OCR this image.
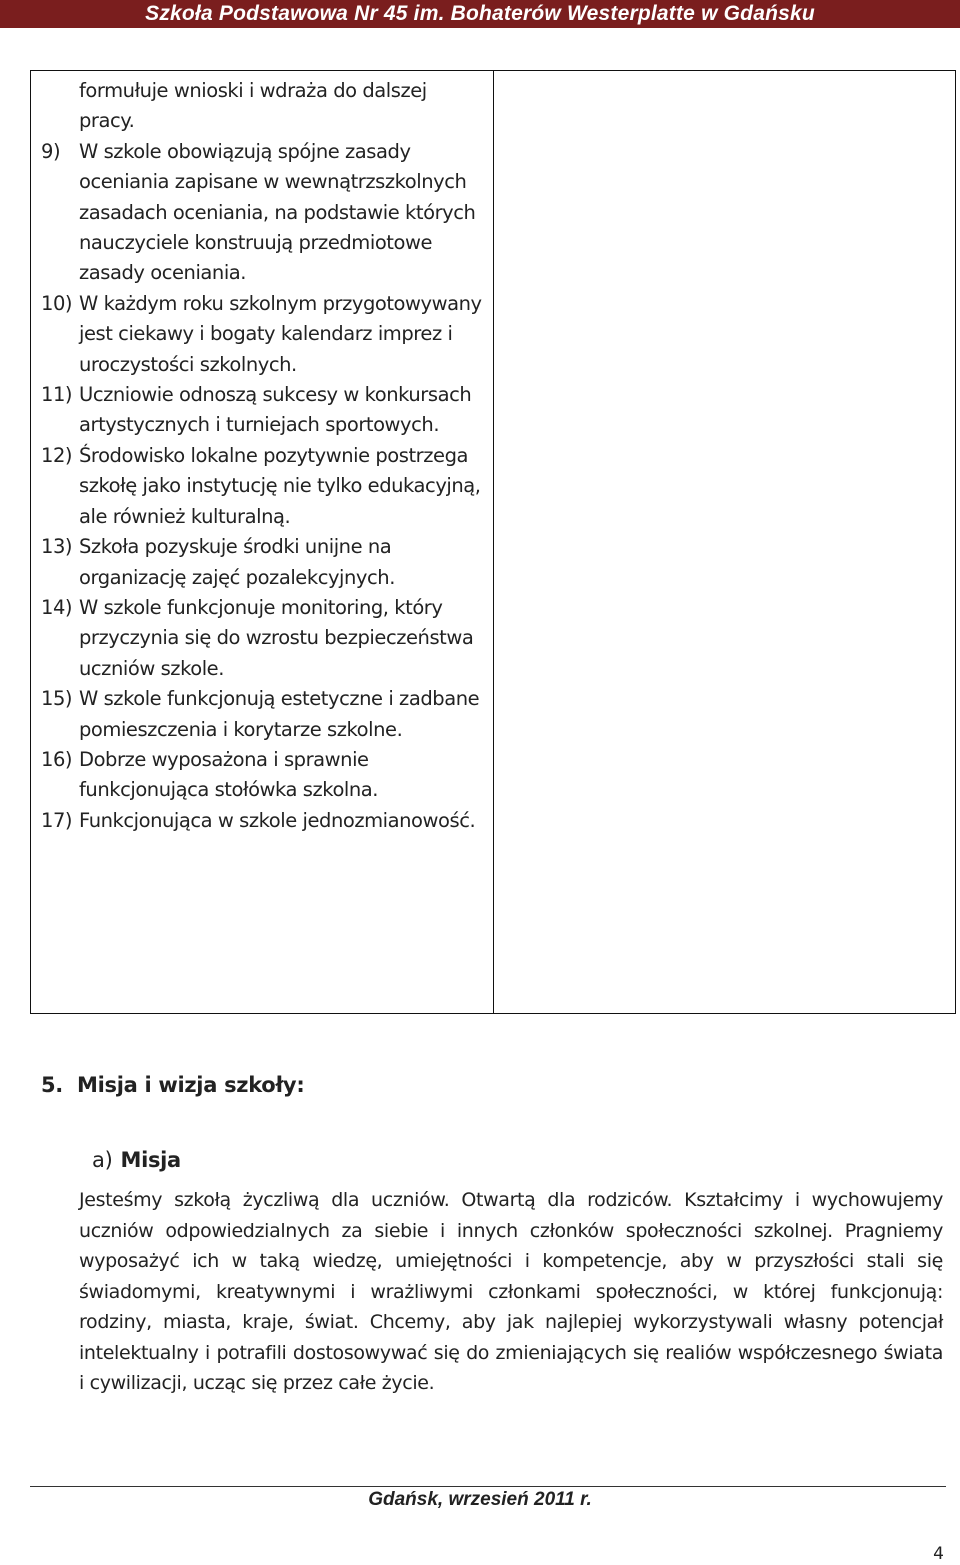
Szkoła Podstawowa Nr 45 im. Bohaterów Westerplatte w Gdańsku
formułuje wnioski i wdraża do dalszej pracy.
9) W szkole obowiązują spójne zasady oceniania zapisane w wewnątrzszkolnych zasadach oceniania, na podstawie których nauczyciele konstruują przedmiotowe zasady oceniania.
10) W każdym roku szkolnym przygotowywany jest ciekawy i bogaty kalendarz imprez i uroczystości szkolnych.
11) Uczniowie odnoszą sukcesy w konkursach artystycznych i turniejach sportowych.
12) Środowisko lokalne pozytywnie postrzega szkołę jako instytucję nie tylko edukacyjną, ale również kulturalną.
13) Szkoła pozyskuje środki unijne na organizację zajęć pozalekcyjnych.
14) W szkole funkcjonuje monitoring, który przyczynia się do wzrostu bezpieczeństwa uczniów szkole.
15) W szkole funkcjonują estetyczne i zadbane pomieszczenia i korytarze szkolne.
16) Dobrze wyposażona i sprawnie funkcjonująca stołówka szkolna.
17) Funkcjonująca w szkole jednozmianowość.
5. Misja i wizja szkoły:
a) Misja

Jesteśmy szkołą życzliwą dla uczniów. Otwartą dla rodziców. Kształcimy i wychowujemy uczniów odpowiedzialnych za siebie i innych członków społeczności szkolnej. Pragniemy wyposażyć ich w taką wiedzę, umiejętności i kompetencje, aby w przyszłości stali się świadomymi, kreatywnymi i wrażliwymi członkami społeczności, w której funkcjonują: rodziny, miasta, kraje, świat. Chcemy, aby jak najlepiej wykorzystywali własny potencjał intelektualny i potrafili dostosowywać się do zmieniających się realiów współczesnego świata i cywilizacji, ucząc się przez całe życie.

Gdańsk, wrzesień 2011 r.
4
